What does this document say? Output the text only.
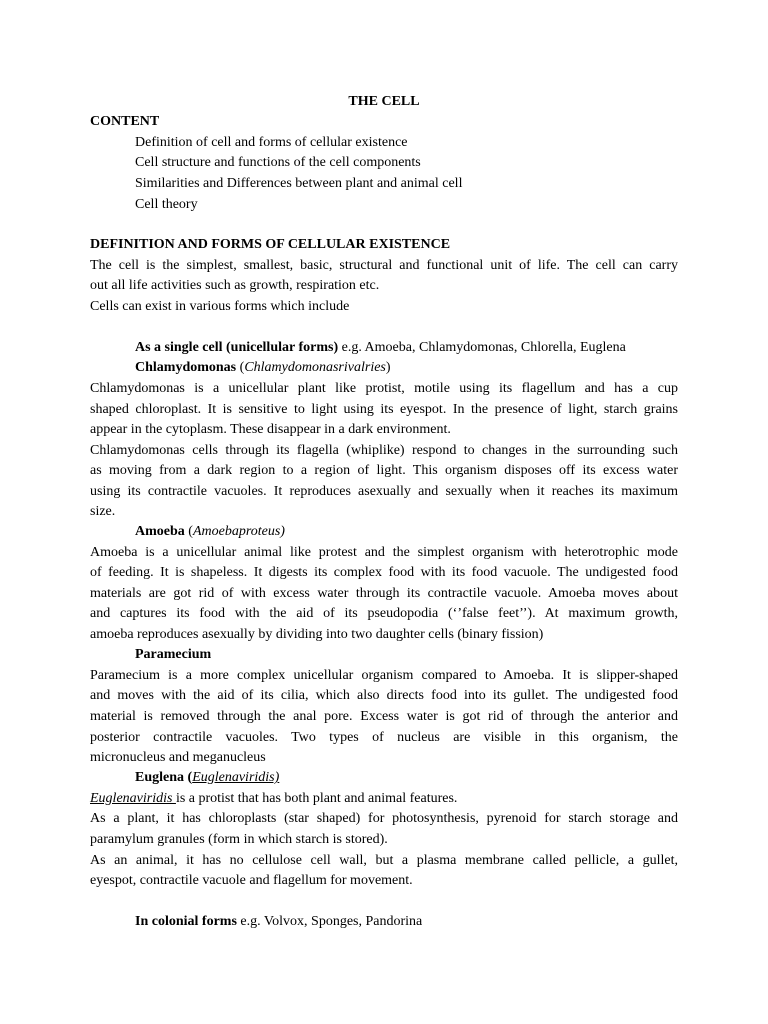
THE CELL
CONTENT
Definition of cell and forms of cellular existence
Cell structure and functions of the cell components
Similarities and Differences between plant and animal cell
Cell theory
DEFINITION AND FORMS OF CELLULAR EXISTENCE
The cell is the simplest, smallest, basic, structural and functional unit of life. The cell can carry
out all life activities such as growth, respiration etc.
Cells can exist in various forms which include
As a single cell (unicellular forms) e.g. Amoeba, Chlamydomonas, Chlorella, Euglena
Chlamydomonas (Chlamydomonasrivalries)
Chlamydomonas is a unicellular plant like protist, motile using its flagellum and has a cup
shaped chloroplast. It is sensitive to light using its eyespot. In the presence of light, starch grains
appear in the cytoplasm. These disappear in a dark environment.
Chlamydomonas cells through its flagella (whiplike) respond to changes in the surrounding such
as moving from a dark region to a region of light. This organism disposes off its excess water
using its contractile vacuoles. It reproduces asexually and sexually when it reaches its maximum
size.
Amoeba (Amoebaproteus)
Amoeba is a unicellular animal like protest and the simplest organism with heterotrophic mode
of feeding. It is shapeless. It digests its complex food with its food vacuole. The undigested food
materials are got rid of with excess water through its contractile vacuole. Amoeba moves about
and captures its food with the aid of its pseudopodia (‘’false feet’’). At maximum growth,
amoeba reproduces asexually by dividing into two daughter cells (binary fission)
Paramecium
Paramecium is a more complex unicellular organism compared to Amoeba. It is slipper-shaped
and moves with the aid of its cilia, which also directs food into its gullet. The undigested food
material is removed through the anal pore. Excess water is got rid of through the anterior and
posterior contractile vacuoles. Two types of nucleus are visible in this organism, the
micronucleus and meganucleus
Euglena (Euglenaviridis)
Euglenaviridis is a protist that has both plant and animal features.
As a plant, it has chloroplasts (star shaped) for photosynthesis, pyrenoid for starch storage and
paramylum granules (form in which starch is stored).
As an animal, it has no cellulose cell wall, but a plasma membrane called pellicle, a gullet,
eyespot, contractile vacuole and flagellum for movement.
In colonial forms e.g. Volvox, Sponges, Pandorina
